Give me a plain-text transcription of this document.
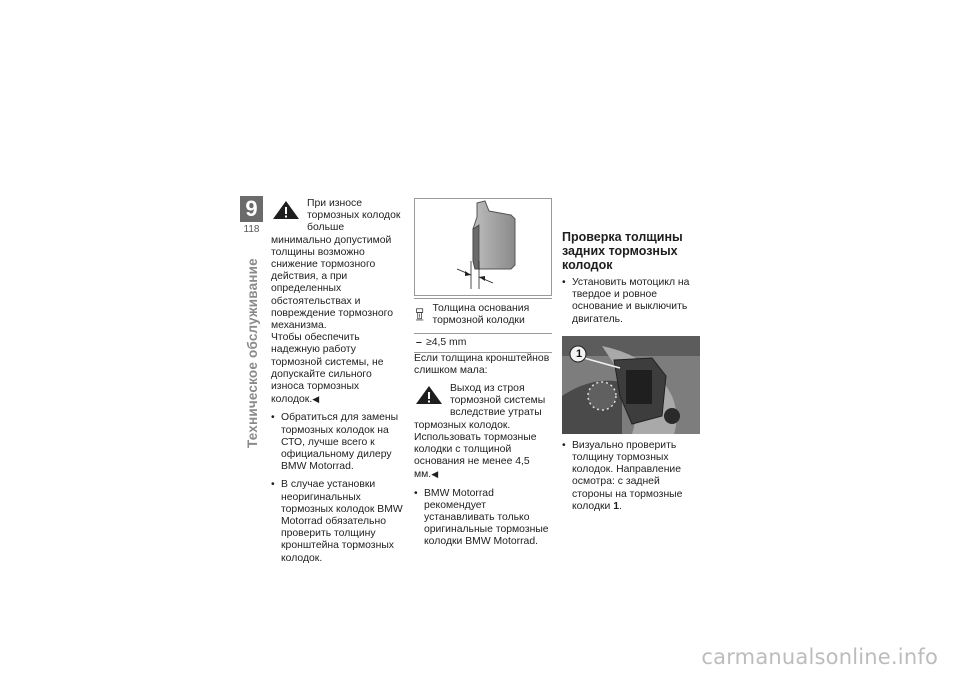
9
118
Техническое обслуживание

При износе тормозных колодок больше минимально допустимой толщины возможно снижение тормозного действия, а при определенных обстоятельствах и повреждение тормозного механизма.

Чтобы обеспечить надежную работу тормозной системы, не допускайте сильного износа тормозных колодок.◀

• Обратиться для замены тормозных колодок на СТО, лучше всего к официальному дилеру BMW Motorrad.

• В случае установки неоригинальных тормозных колодок BMW Motorrad обязательно проверить толщину кронштейна тормозных колодок.

Толщина основания тормозной колодки
– ≥4,5 mm

Если толщина кронштейнов слишком мала:

Выход из строя тормозной системы вследствие утраты тормозных колодок. Использовать тормозные колодки с толщиной основания не менее 4,5 мм.◀

• BMW Motorrad рекомендует устанавливать только оригинальные тормозные колодки BMW Motorrad.

Проверка толщины задних тормозных колодок

• Установить мотоцикл на твердое и ровное основание и выключить двигатель.

1

• Визуально проверить толщину тормозных колодок. Направление осмотра: с задней стороны на тормозные колодки 1.

carmanualsonline.info
